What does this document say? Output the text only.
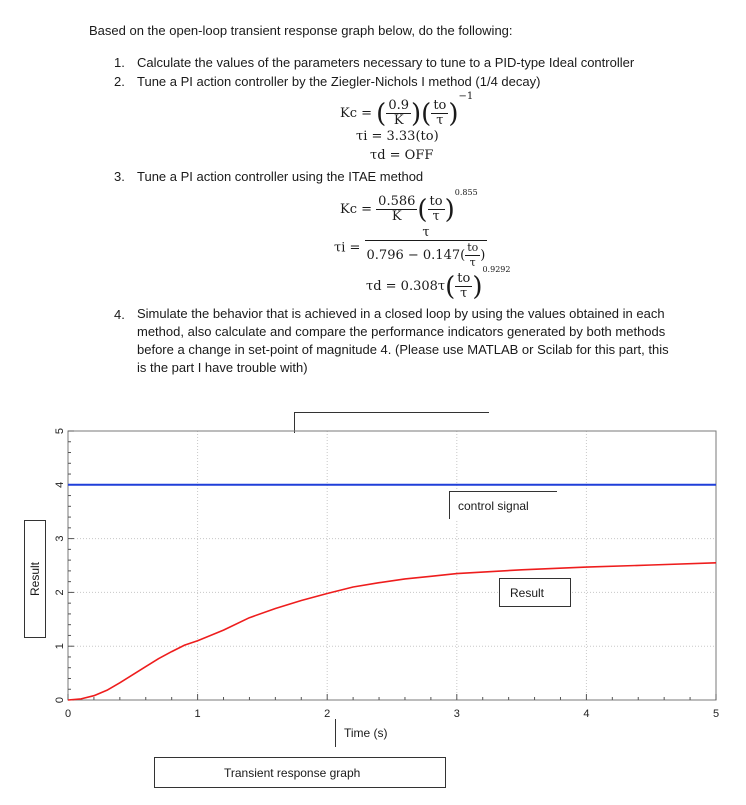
Based on the open-loop transient response graph below, do the following:
1. Calculate the values of the parameters necessary to tune to a PID-type Ideal controller
2. Tune a PI action controller by the Ziegler-Nichols I method (1/4 decay)
Kc = ( $\frac{0.9}{K}$ )( $\frac{to}{\tau} )^{-1}$
τi = 3.33(to)
τd = OFF
3. Tune a PI action controller using the ITAE method
$Kc = \frac{0.586}{K}$ ( $\frac{to}{\tau} )^{0.855}$
$\tau i = \frac{\tau}{0.796 - 0.147( \frac{to}{\tau} )}$
$\tau d = 0.308\tau( \frac{to}{\tau} )^{0.9292}$
4. Simulate the behavior that is achieved in a closed loop by using the values obtained in each method, also calculate and compare the performance indicators generated by both methods before a change in set-point of magnitude 4. (Please use MATLAB or Scilab for this part, this is the part I have trouble with)
0	1	2	3	4	5
0
1
2
3
4
5
Result
control signal
Result
Time (s)
Transient response graph
